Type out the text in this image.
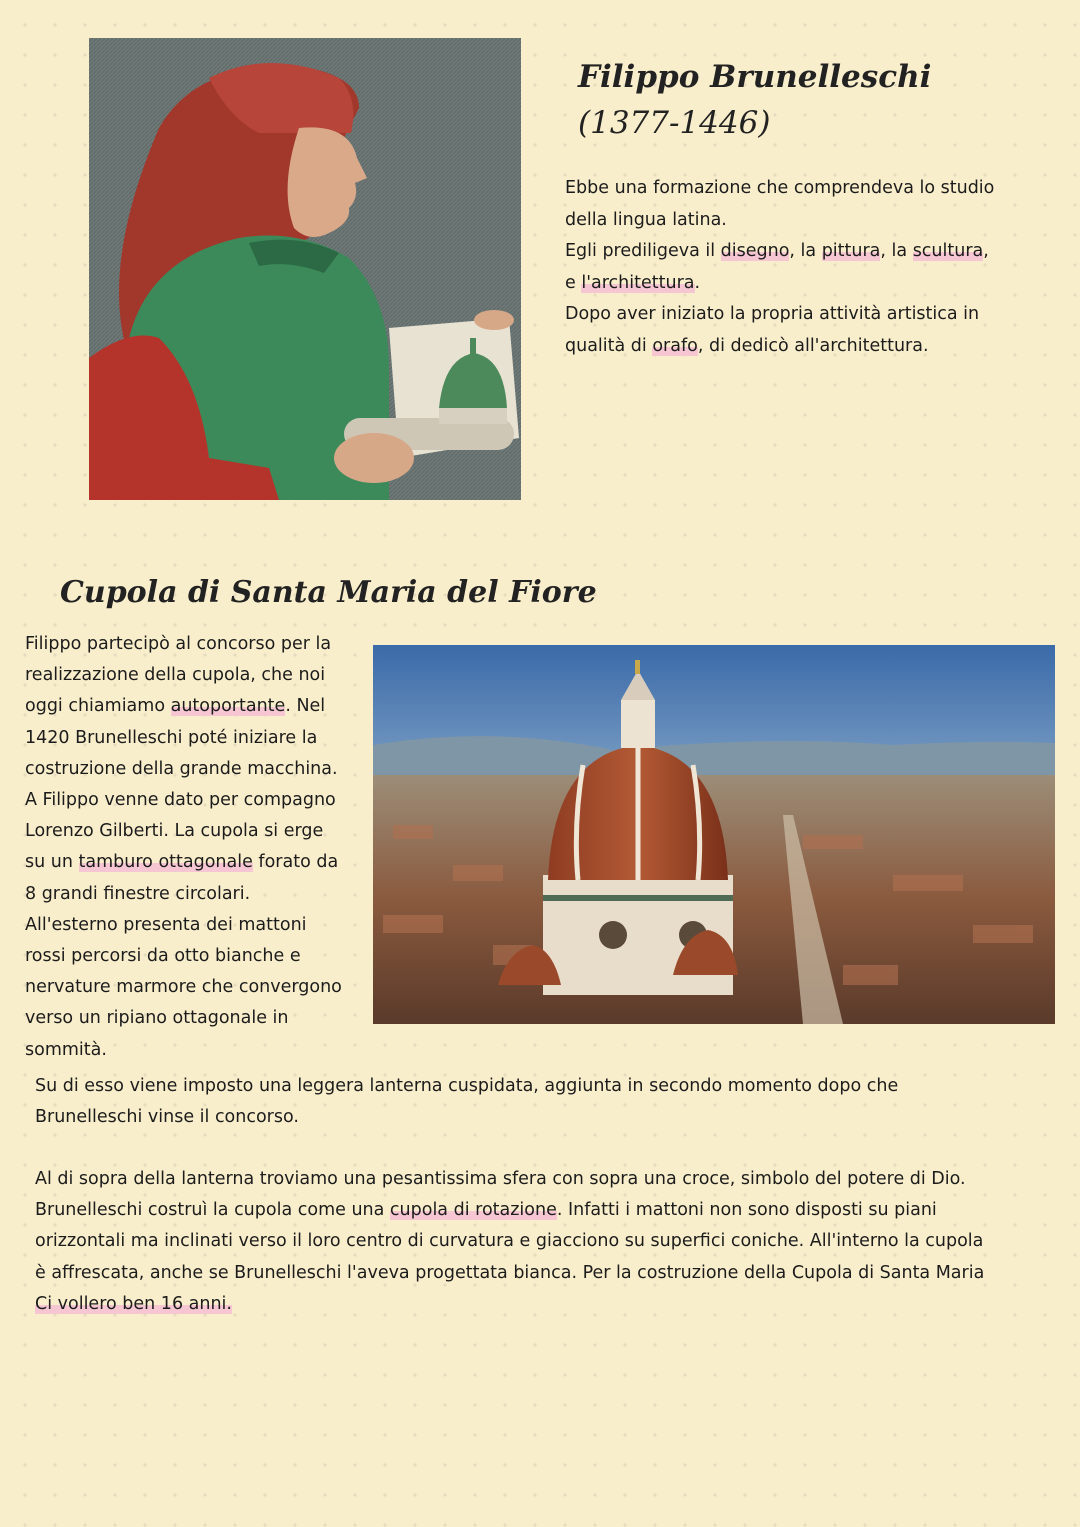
Filippo Brunelleschi
(1377-1446)

Ebbe una formazione che comprendeva lo studio

della lingua latina.

Egli prediligeva il disegno, la pittura, la scultura,

e l'architettura.

Dopo aver iniziato la propria attività artistica in

qualità di orafo, di dedicò all'architettura.

Cupola di Santa Maria del Fiore

Filippo partecipò al concorso per la

realizzazione della cupola, che noi

oggi chiamiamo autoportante. Nel

1420 Brunelleschi poté iniziare la

costruzione della grande macchina.

A Filippo venne dato per compagno

Lorenzo Gilberti. La cupola si erge

su un tamburo ottagonale forato da

8 grandi finestre circolari.

All'esterno presenta dei mattoni

rossi percorsi da otto bianche e

nervature marmore che convergono

verso un ripiano ottagonale in

sommità.

Su di esso viene imposto una leggera lanterna cuspidata, aggiunta in secondo momento dopo che

Brunelleschi vinse il concorso.

Al di sopra della lanterna troviamo una pesantissima sfera con sopra una croce, simbolo del potere di Dio.

Brunelleschi costruì la cupola come una cupola di rotazione. Infatti i mattoni non sono disposti su piani

orizzontali ma inclinati verso il loro centro di curvatura e giacciono su superfici coniche. All'interno la cupola

è affrescata, anche se Brunelleschi l'aveva progettata bianca. Per la costruzione della Cupola di Santa Maria

Ci vollero ben 16 anni.
